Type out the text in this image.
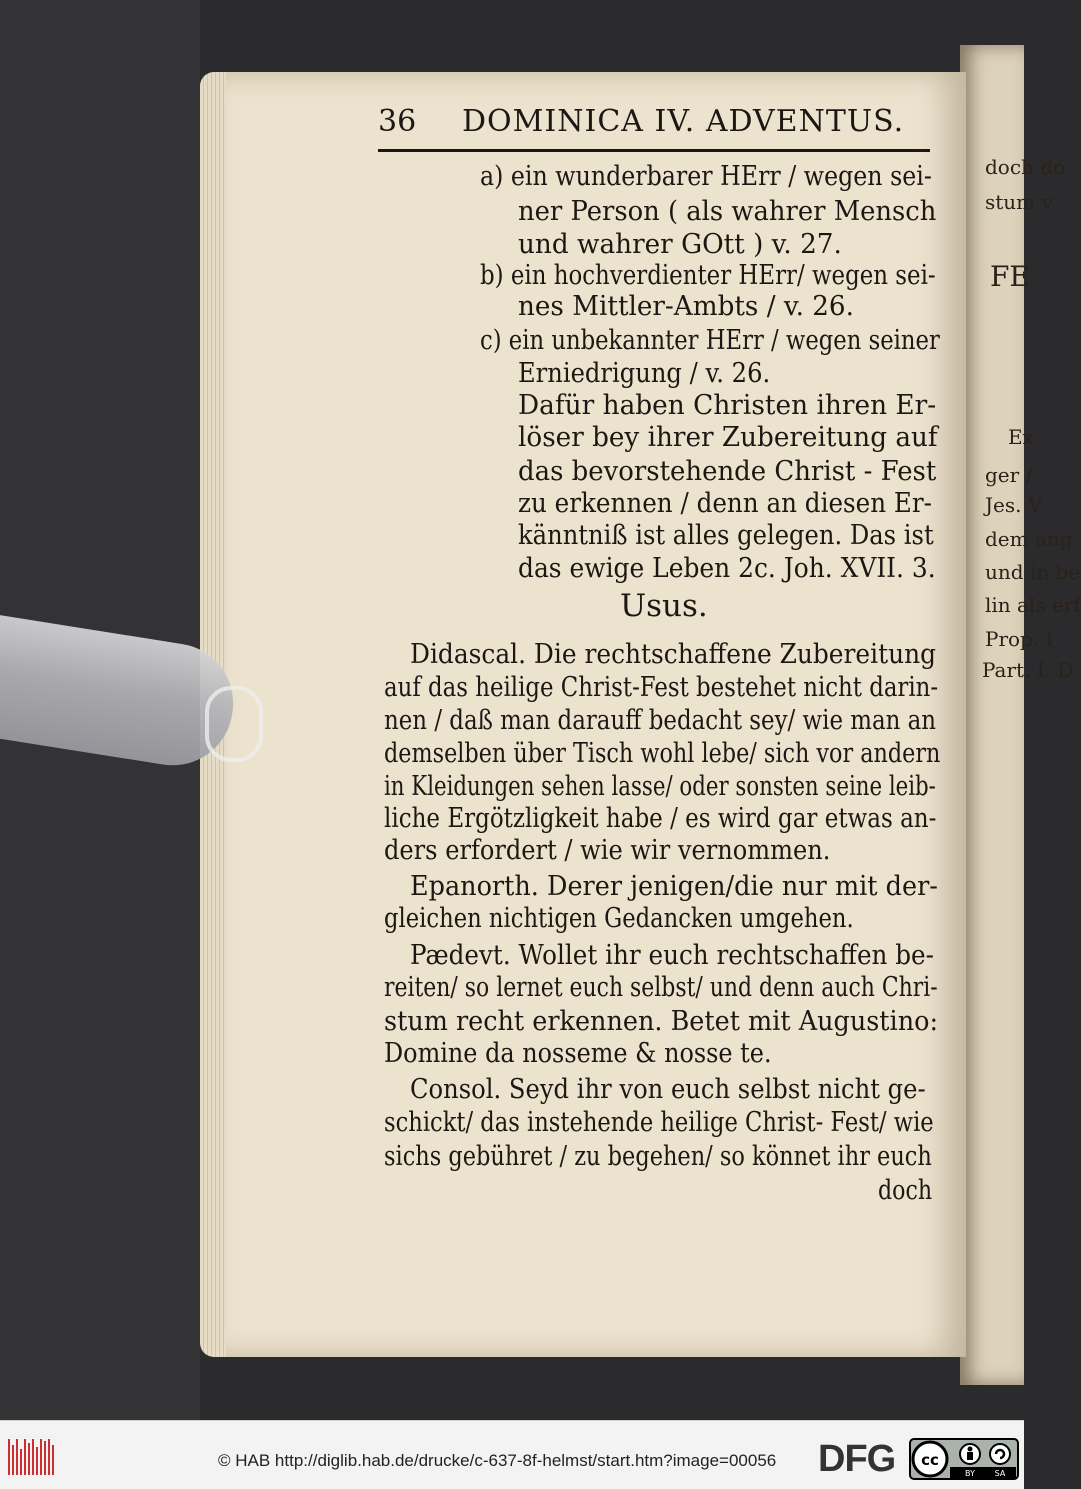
doch do
stum v
FE
Ex
ger /
Jes. V
dem ang
und in be
lin als erf
Prop. I
Part. I. D
36 DOMINICA IV. ADVENTUS.
a) ein wunderbarer HErr / wegen sei-
ner Person ( als wahrer Mensch
und wahrer GOtt ) v. 27.
b) ein hochverdienter HErr/ wegen sei-
nes Mittler-Ambts / v. 26.
c) ein unbekannter HErr / wegen seiner
Erniedrigung / v. 26.
Dafür haben Christen ihren Er-
löser bey ihrer Zubereitung auf
das bevorstehende Christ - Fest
zu erkennen / denn an diesen Er-
känntniß ist alles gelegen. Das ist
das ewige Leben 2c. Joh. XVII. 3.
Usus.
Didascal. Die rechtschaffene Zubereitung
auf das heilige Christ-Fest bestehet nicht darin-
nen / daß man darauff bedacht sey/ wie man an
demselben über Tisch wohl lebe/ sich vor andern
in Kleidungen sehen lasse/ oder sonsten seine leib-
liche Ergötzligkeit habe / es wird gar etwas an-
ders erfordert / wie wir vernommen.
Epanorth. Derer jenigen/die nur mit der-
gleichen nichtigen Gedancken umgehen.
Pædevt. Wollet ihr euch rechtschaffen be-
reiten/ so lernet euch selbst/ und denn auch Chri-
stum recht erkennen. Betet mit Augustino:
Domine da nosseme & nosse te.
Consol. Seyd ihr von euch selbst nicht ge-
schickt/ das instehende heilige Christ- Fest/ wie
sichs gebühret / zu begehen/ so könnet ihr euch
doch
© HAB http://diglib.hab.de/drucke/c-637-8f-helmst/start.htm?image=00056 DFG cc
BY SA
